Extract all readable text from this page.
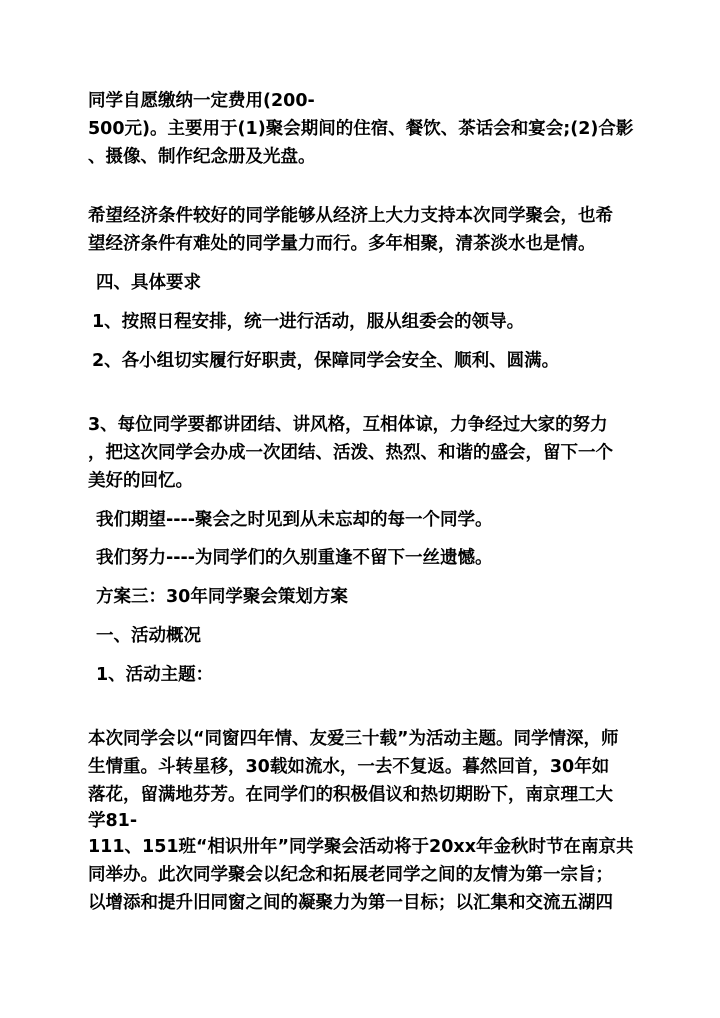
同学自愿缴纳一定费用(200-
500元)。主要用于(1)聚会期间的住宿、餐饮、茶话会和宴会;(2)合影
、摄像、制作纪念册及光盘。
希望经济条件较好的同学能够从经济上大力支持本次同学聚会，也希
望经济条件有难处的同学量力而行。多年相聚，清茶淡水也是情。
四、具体要求
1、按照日程安排，统一进行活动，服从组委会的领导。
2、各小组切实履行好职责，保障同学会安全、顺利、圆满。
3、每位同学要都讲团结、讲风格，互相体谅，力争经过大家的努力
，把这次同学会办成一次团结、活泼、热烈、和谐的盛会，留下一个
美好的回忆。
我们期望----聚会之时见到从未忘却的每一个同学。
我们努力----为同学们的久别重逢不留下一丝遗憾。
方案三：30年同学聚会策划方案
一、活动概况
1、活动主题：
本次同学会以“同窗四年情、友爱三十载”为活动主题。同学情深，师
生情重。斗转星移，30载如流水，一去不复返。暮然回首，30年如
落花，留满地芬芳。在同学们的积极倡议和热切期盼下，南京理工大
学81-
111、151班“相识卅年”同学聚会活动将于20xx年金秋时节在南京共
同举办。此次同学聚会以纪念和拓展老同学之间的友情为第一宗旨；
以增添和提升旧同窗之间的凝聚力为第一目标；以汇集和交流五湖四
